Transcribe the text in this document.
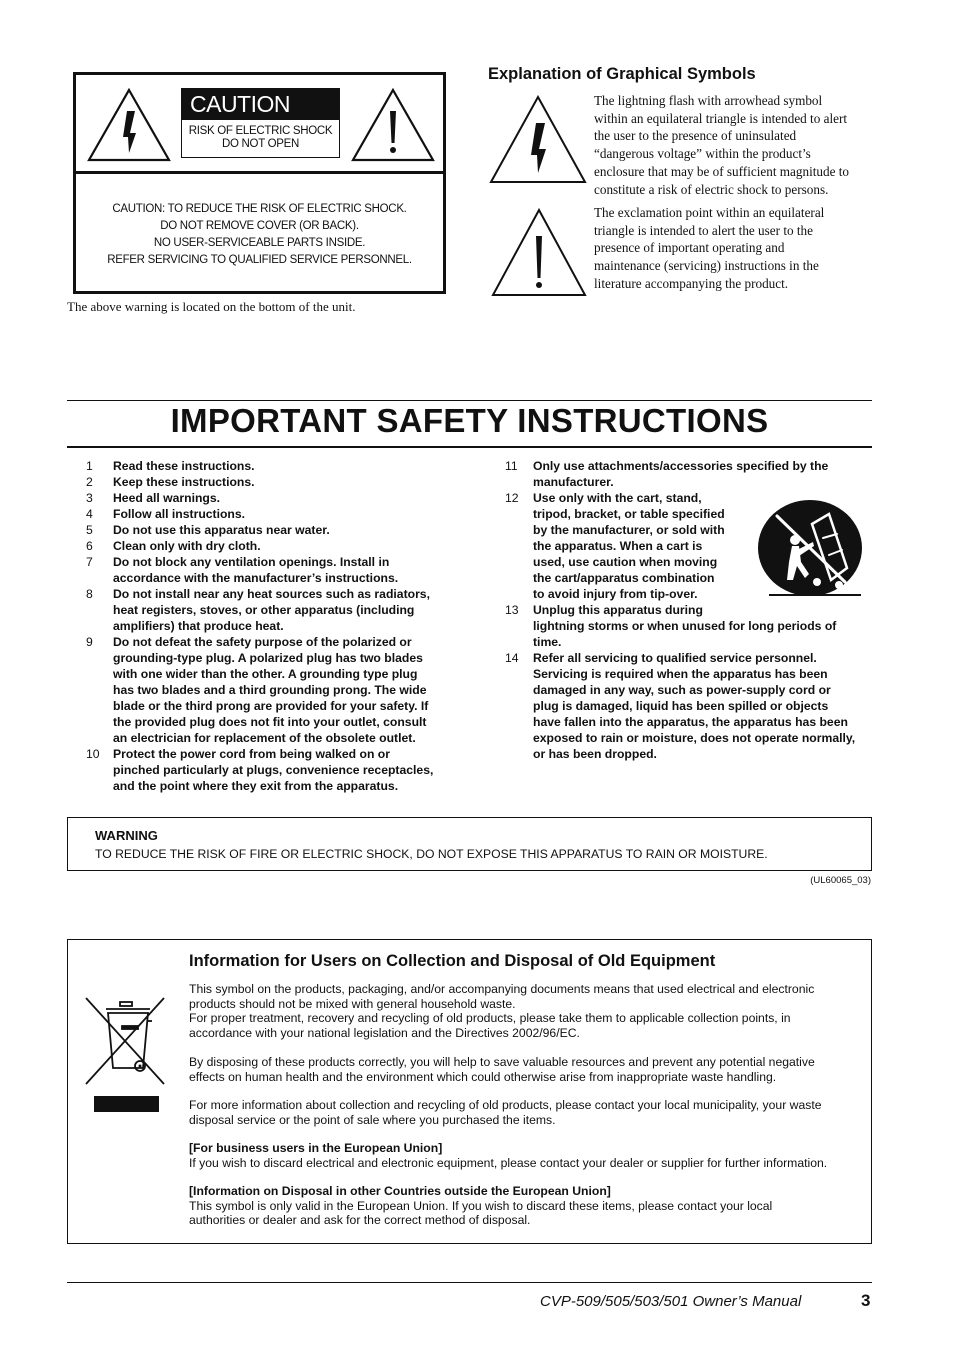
CAUTION
RISK OF ELECTRIC SHOCK
DO NOT OPEN
CAUTION: TO REDUCE THE RISK OF ELECTRIC SHOCK.
DO NOT REMOVE COVER (OR BACK).
NO USER-SERVICEABLE PARTS INSIDE.
REFER SERVICING TO QUALIFIED SERVICE PERSONNEL.
The above warning is located on the bottom of the unit.
Explanation of Graphical Symbols
The lightning flash with arrowhead symbol
within an equilateral triangle is intended to alert
the user to the presence of uninsulated
“dangerous voltage” within the product’s
enclosure that may be of sufficient magnitude to
constitute a risk of electric shock to persons.
The exclamation point within an equilateral
triangle is intended to alert the user to the
presence of important operating and
maintenance (servicing) instructions in the
literature accompanying the product.
IMPORTANT SAFETY INSTRUCTIONS
1 Read these instructions.
2 Keep these instructions.
3 Heed all warnings.
4 Follow all instructions.
5 Do not use this apparatus near water.
6 Clean only with dry cloth.
7 Do not block any ventilation openings. Install in
accordance with the manufacturer’s instructions.
8 Do not install near any heat sources such as radiators,
heat registers, stoves, or other apparatus (including
amplifiers) that produce heat.
9 Do not defeat the safety purpose of the polarized or
grounding-type plug. A polarized plug has two blades
with one wider than the other. A grounding type plug
has two blades and a third grounding prong. The wide
blade or the third prong are provided for your safety. If
the provided plug does not fit into your outlet, consult
an electrician for replacement of the obsolete outlet.
10 Protect the power cord from being walked on or
pinched particularly at plugs, convenience receptacles,
and the point where they exit from the apparatus.
11 Only use attachments/accessories specified by the
manufacturer.
12 Use only with the cart, stand,
tripod, bracket, or table specified
by the manufacturer, or sold with
the apparatus. When a cart is
used, use caution when moving
the cart/apparatus combination
to avoid injury from tip-over.
13 Unplug this apparatus during
lightning storms or when unused for long periods of
time.
14 Refer all servicing to qualified service personnel.
Servicing is required when the apparatus has been
damaged in any way, such as power-supply cord or
plug is damaged, liquid has been spilled or objects
have fallen into the apparatus, the apparatus has been
exposed to rain or moisture, does not operate normally,
or has been dropped.
WARNING
TO REDUCE THE RISK OF FIRE OR ELECTRIC SHOCK, DO NOT EXPOSE THIS APPARATUS TO RAIN OR MOISTURE.
(UL60065_03)
Information for Users on Collection and Disposal of Old Equipment
This symbol on the products, packaging, and/or accompanying documents means that used electrical and electronic
products should not be mixed with general household waste.
For proper treatment, recovery and recycling of old products, please take them to applicable collection points, in
accordance with your national legislation and the Directives 2002/96/EC.
By disposing of these products correctly, you will help to save valuable resources and prevent any potential negative
effects on human health and the environment which could otherwise arise from inappropriate waste handling.
For more information about collection and recycling of old products, please contact your local municipality, your waste
disposal service or the point of sale where you purchased the items.
[For business users in the European Union]
If you wish to discard electrical and electronic equipment, please contact your dealer or supplier for further information.
[Information on Disposal in other Countries outside the European Union]
This symbol is only valid in the European Union. If you wish to discard these items, please contact your local
authorities or dealer and ask for the correct method of disposal.
CVP-509/505/503/501 Owner’s Manual	3
